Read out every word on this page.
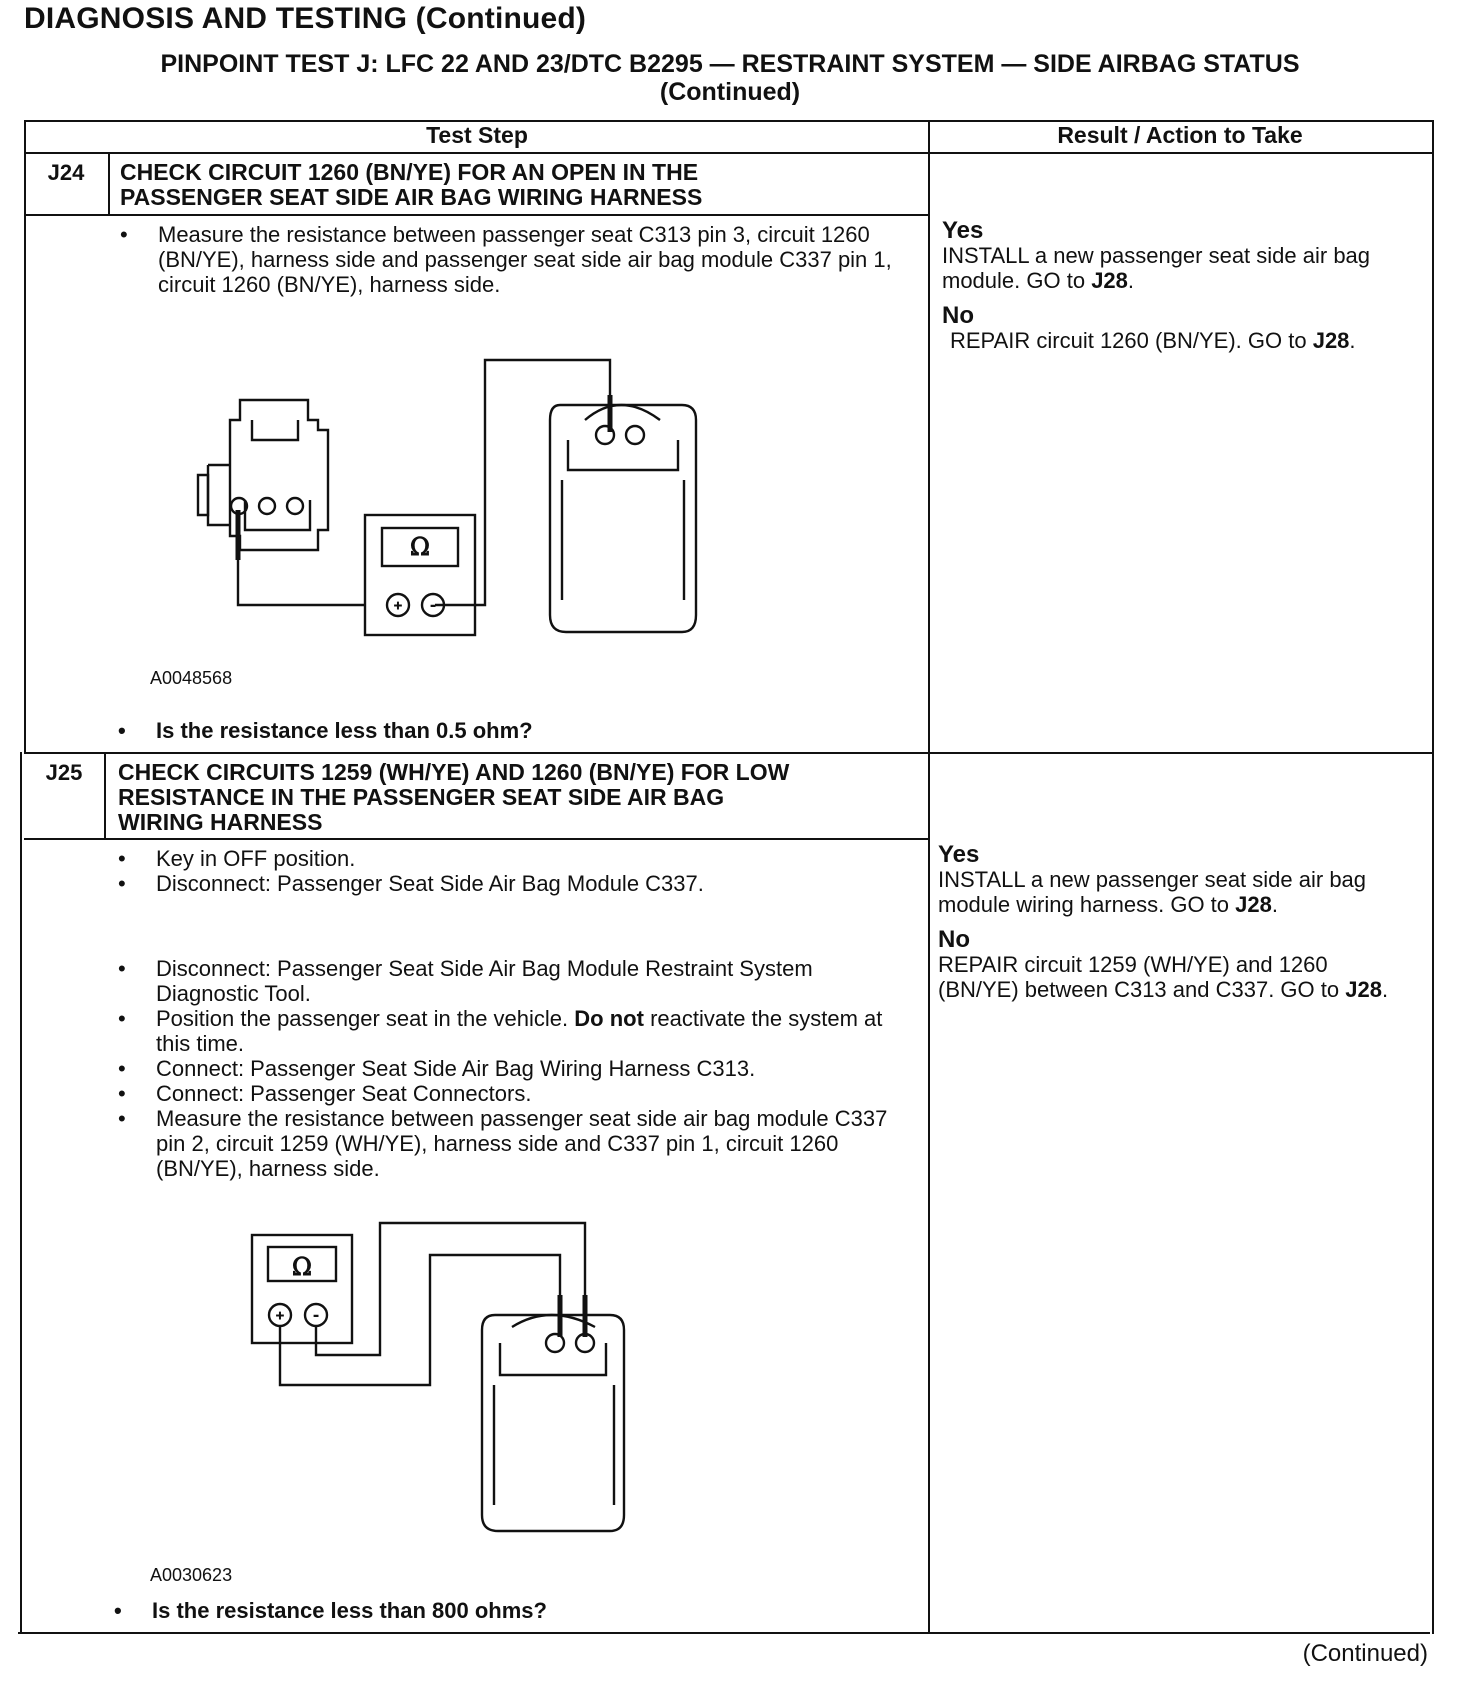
DIAGNOSIS AND TESTING (Continued)
PINPOINT TEST J: LFC 22 AND 23/DTC B2295 — RESTRAINT SYSTEM — SIDE AIRBAG STATUS
(Continued)
Test Step	Result / Action to Take
J24	CHECK CIRCUIT 1260 (BN/YE) FOR AN OPEN IN THE
PASSENGER SEAT SIDE AIR BAG WIRING HARNESS
• Measure the resistance between passenger seat C313 pin 3, circuit 1260 (BN/YE), harness side and passenger seat side air bag module C337 pin 1, circuit 1260 (BN/YE), harness side.
Ω
+ -
A0048568
• Is the resistance less than 0.5 ohm?
Yes
INSTALL a new passenger seat side air bag module. GO to J28.
No
REPAIR circuit 1260 (BN/YE). GO to J28.
J25	CHECK CIRCUITS 1259 (WH/YE) AND 1260 (BN/YE) FOR LOW
RESISTANCE IN THE PASSENGER SEAT SIDE AIR BAG
WIRING HARNESS
• Key in OFF position.
• Disconnect: Passenger Seat Side Air Bag Module C337.
• Disconnect: Passenger Seat Side Air Bag Module Restraint System Diagnostic Tool.
• Position the passenger seat in the vehicle. Do not reactivate the system at this time.
• Connect: Passenger Seat Side Air Bag Wiring Harness C313.
• Connect: Passenger Seat Connectors.
• Measure the resistance between passenger seat side air bag module C337 pin 2, circuit 1259 (WH/YE), harness side and C337 pin 1, circuit 1260 (BN/YE), harness side.
Ω
+ -
A0030623
• Is the resistance less than 800 ohms?
Yes
INSTALL a new passenger seat side air bag module wiring harness. GO to J28.
No
REPAIR circuit 1259 (WH/YE) and 1260 (BN/YE) between C313 and C337. GO to J28.
(Continued)
